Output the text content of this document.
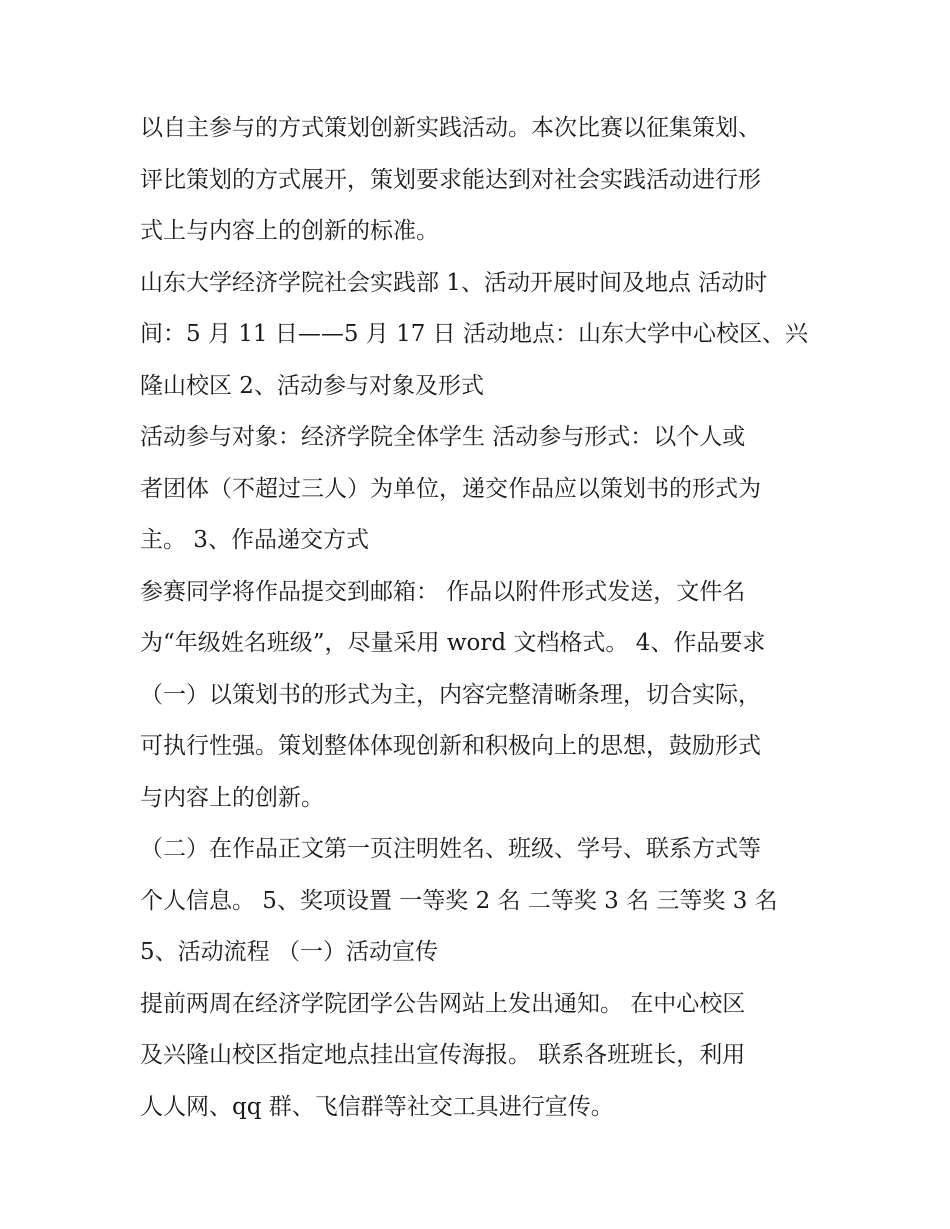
以自主参与的方式策划创新实践活动。本次比赛以征集策划、
评比策划的方式展开，策划要求能达到对社会实践活动进行形
式上与内容上的创新的标准。
山东大学经济学院社会实践部 1、活动开展时间及地点 活动时
间：5 月 11 日——5 月 17 日 活动地点：山东大学中心校区、兴
隆山校区 2、活动参与对象及形式
活动参与对象：经济学院全体学生 活动参与形式：以个人或
者团体（不超过三人）为单位，递交作品应以策划书的形式为
主。 3、作品递交方式
参赛同学将作品提交到邮箱： 作品以附件形式发送，文件名
为“年级姓名班级”，尽量采用 word 文档格式。 4、作品要求
（一）以策划书的形式为主，内容完整清晰条理，切合实际，
可执行性强。策划整体体现创新和积极向上的思想，鼓励形式
与内容上的创新。
（二）在作品正文第一页注明姓名、班级、学号、联系方式等
个人信息。 5、奖项设置 一等奖 2 名 二等奖 3 名 三等奖 3 名
5、活动流程 （一）活动宣传
提前两周在经济学院团学公告网站上发出通知。 在中心校区
及兴隆山校区指定地点挂出宣传海报。 联系各班班长，利用
人人网、qq 群、飞信群等社交工具进行宣传。
